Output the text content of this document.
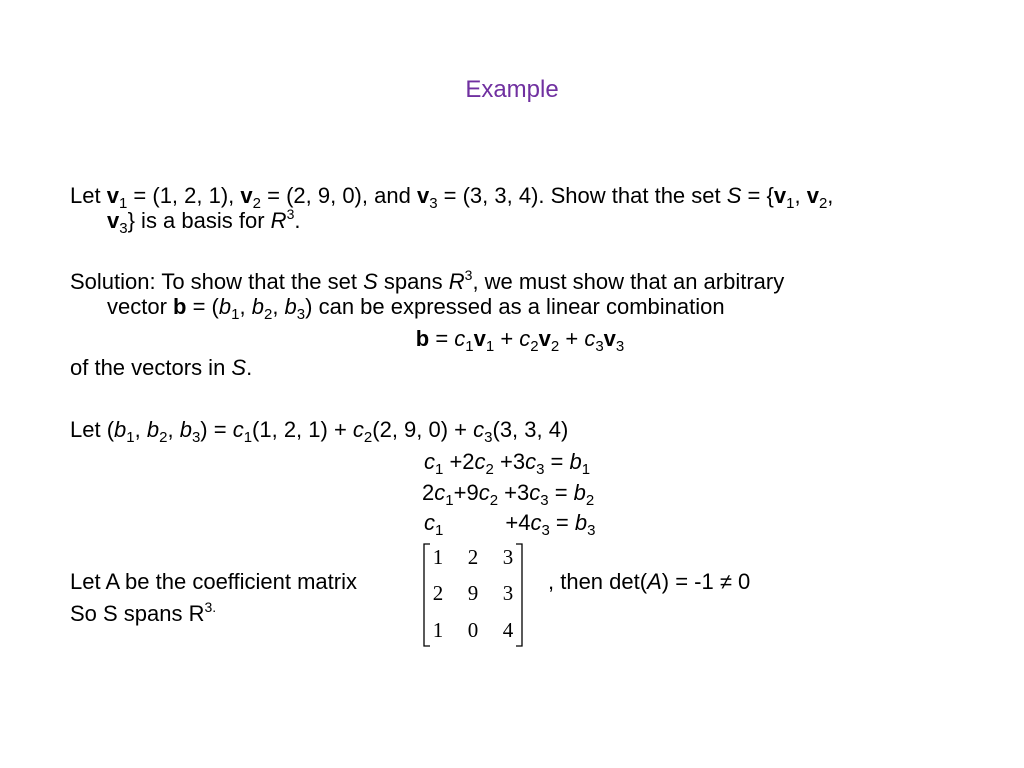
Example
Let $v_1 = (1$, 2, 1), $v_2 = (2$, 9, 0), and $v_3 = (3$, 3, 4). Show that the set $S = \{v_1$, $v_2$,
$v_3$} is a basis for $R^3$.
Solution: To show that the set S spans $R^3$, we must show that an arbitrary
vector $b = (b_1$, $b_2$, $b_3$) can be expressed as a linear combination
$b = c_1v_1 + c_2v_2 + c_3v_3$
of the vectors in S.
Let ($b_1$, $b_2$, $b_3) = c_1(1$, 2, $1) + c_2(2$, 9, $0) + c_3(3$, 3, 4)
$c_1 +2c_2 +3c_3 = b_1$
$2c_1+9c_2 +3c_3 = b_2$
$c_1$	$+4c_3 = b_3$
Let A be the coefficient matrix
1	2	3
2	9	3
1	0	4
, then det(A) = -1 ≠ 0
So S spans $R^{3.}$
